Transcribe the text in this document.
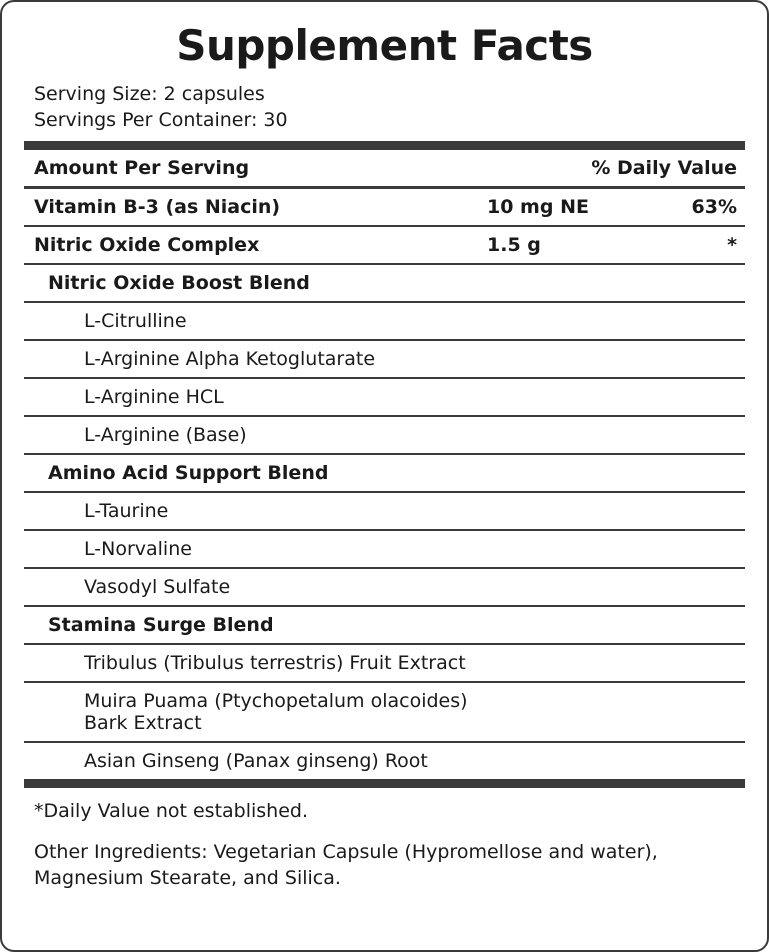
Supplement Facts
Serving Size: 2 capsules
Servings Per Container: 30
Amount Per Serving	% Daily Value
Vitamin B-3 (as Niacin)	10 mg NE	63%
Nitric Oxide Complex	1.5 g	*
Nitric Oxide Boost Blend
L-Citrulline
L-Arginine Alpha Ketoglutarate
L-Arginine HCL
L-Arginine (Base)
Amino Acid Support Blend
L-Taurine
L-Norvaline
Vasodyl Sulfate
Stamina Surge Blend
Tribulus (Tribulus terrestris) Fruit Extract
Muira Puama (Ptychopetalum olacoides) Bark Extract
Asian Ginseng (Panax ginseng) Root
*Daily Value not established.
Other Ingredients: Vegetarian Capsule (Hypromellose and water), Magnesium Stearate, and Silica.
